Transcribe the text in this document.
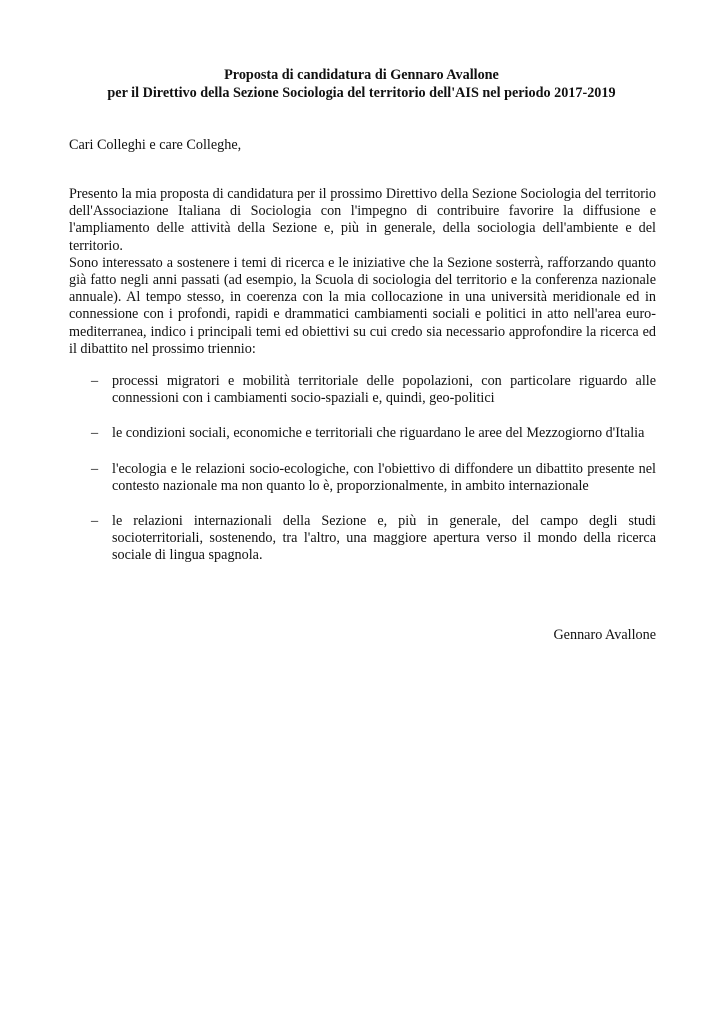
Proposta di candidatura di Gennaro Avallone
per il Direttivo della Sezione Sociologia del territorio dell'AIS nel periodo 2017-2019
Cari Colleghi e care Colleghe,

Presento la mia proposta di candidatura per il prossimo Direttivo della Sezione Sociologia del territorio dell'Associazione Italiana di Sociologia con l'impegno di contribuire favorire la diffusione e l'ampliamento delle attività della Sezione e, più in generale, della sociologia dell'ambiente e del territorio.

Sono interessato a sostenere i temi di ricerca e le iniziative che la Sezione sosterrà, rafforzando quanto già fatto negli anni passati (ad esempio, la Scuola di sociologia del territorio e la conferenza nazionale annuale). Al tempo stesso, in coerenza con la mia collocazione in una università meridionale ed in connessione con i profondi, rapidi e drammatici cambiamenti sociali e politici in atto nell'area euro-mediterranea, indico i principali temi ed obiettivi su cui credo sia necessario approfondire la ricerca ed il dibattito nel prossimo triennio:

– processi migratori e mobilità territoriale delle popolazioni, con particolare riguardo alle connessioni con i cambiamenti socio-spaziali e, quindi, geo-politici
– le condizioni sociali, economiche e territoriali che riguardano le aree del Mezzogiorno d'Italia
– l'ecologia e le relazioni socio-ecologiche, con l'obiettivo di diffondere un dibattito presente nel contesto nazionale ma non quanto lo è, proporzionalmente, in ambito internazionale
– le relazioni internazionali della Sezione e, più in generale, del campo degli studi socioterritoriali, sostenendo, tra l'altro, una maggiore apertura verso il mondo della ricerca sociale di lingua spagnola.
Gennaro Avallone
